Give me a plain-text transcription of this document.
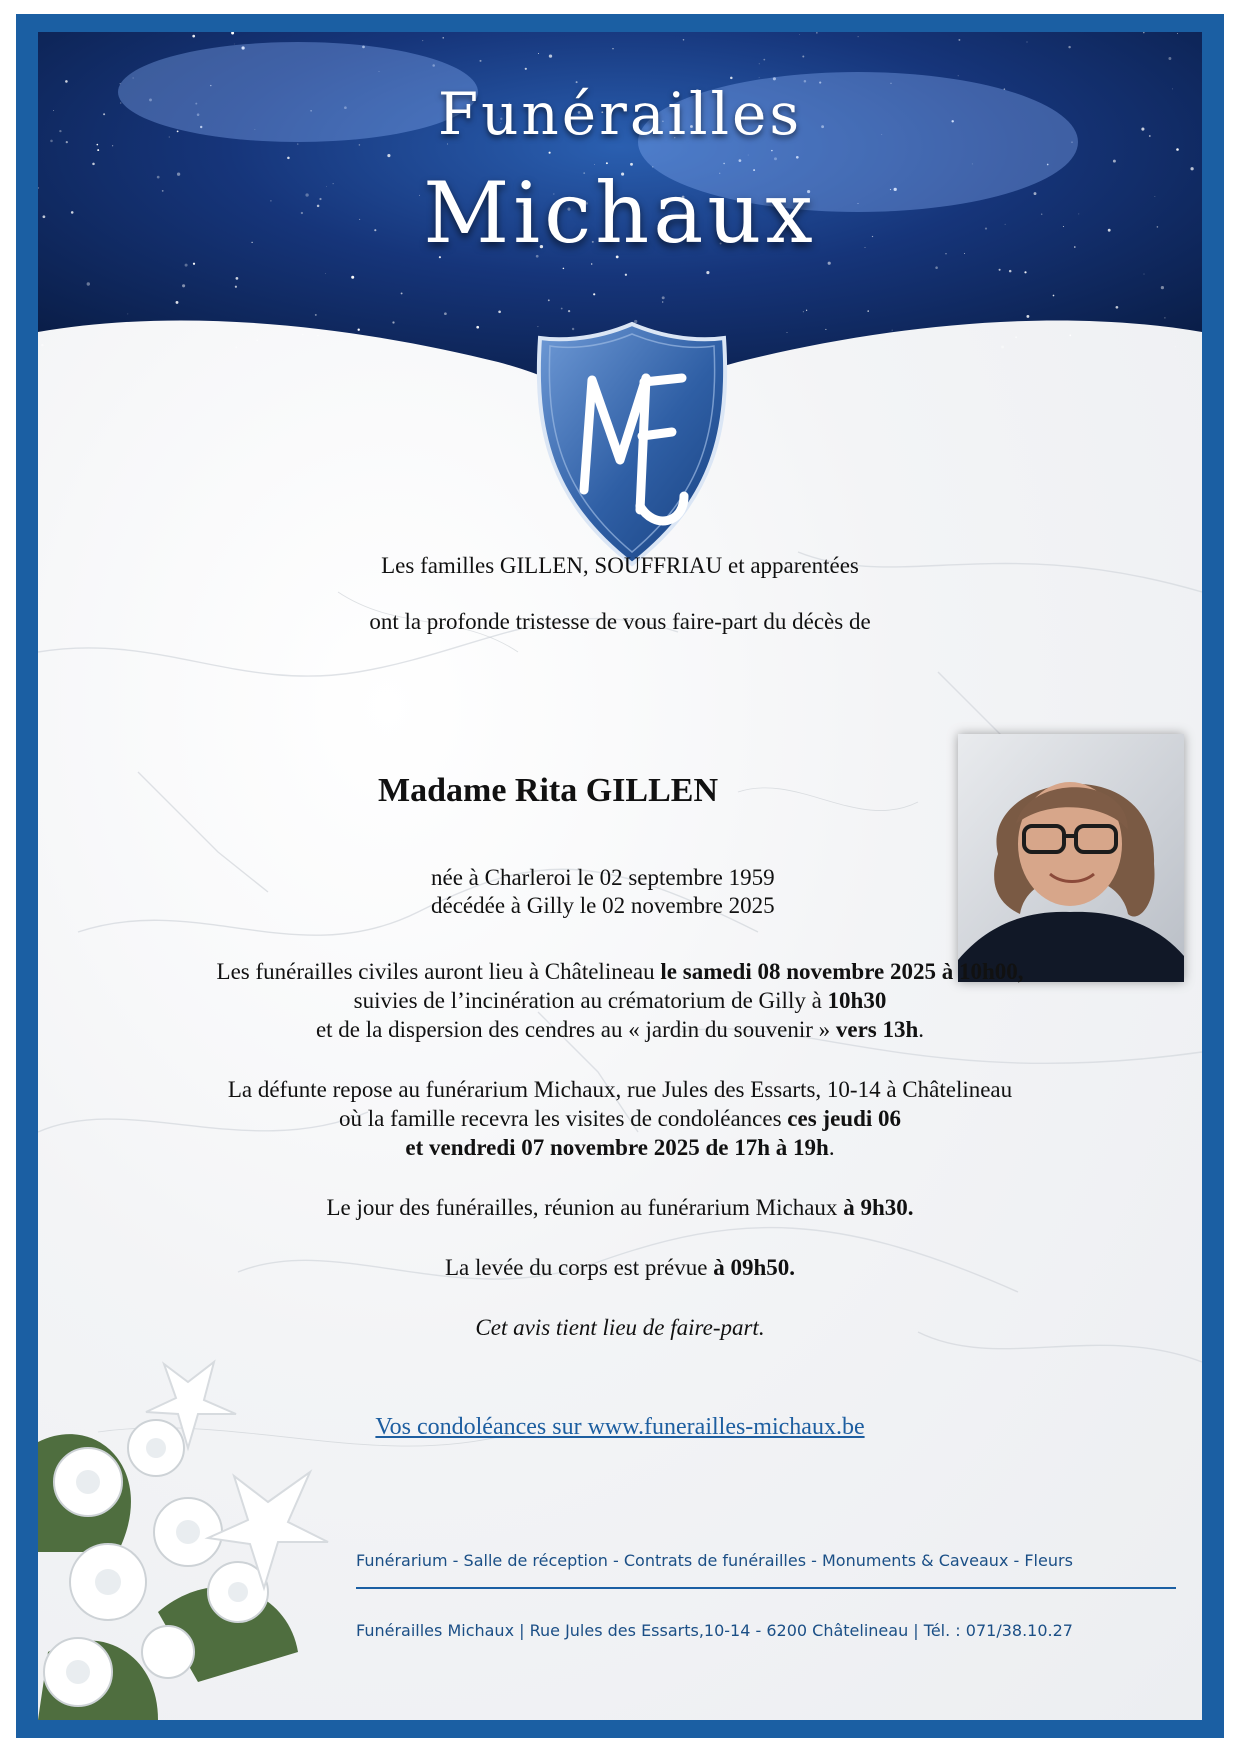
Funérailles
Michaux
Les familles GILLEN, SOUFFRIAU et apparentées
ont la profonde tristesse de vous faire-part du décès de
Madame Rita GILLEN
née à Charleroi le 02 septembre 1959
décédée à Gilly le 02 novembre 2025
Les funérailles civiles auront lieu à Châtelineau le samedi 08 novembre 2025 à 10h00,
suivies de l’incinération au crématorium de Gilly à 10h30
et de la dispersion des cendres au « jardin du souvenir » vers 13h.
La défunte repose au funérarium Michaux, rue Jules des Essarts, 10-14 à Châtelineau
où la famille recevra les visites de condoléances ces jeudi 06
et vendredi 07 novembre 2025 de 17h à 19h.
Le jour des funérailles, réunion au funérarium Michaux à 9h30.
La levée du corps est prévue à 09h50.
Cet avis tient lieu de faire-part.
Vos condoléances sur www.funerailles-michaux.be
Funérarium - Salle de réception - Contrats de funérailles - Monuments & Caveaux - Fleurs
Funérailles Michaux | Rue Jules des Essarts,10-14 - 6200 Châtelineau | Tél. : 071/38.10.27
